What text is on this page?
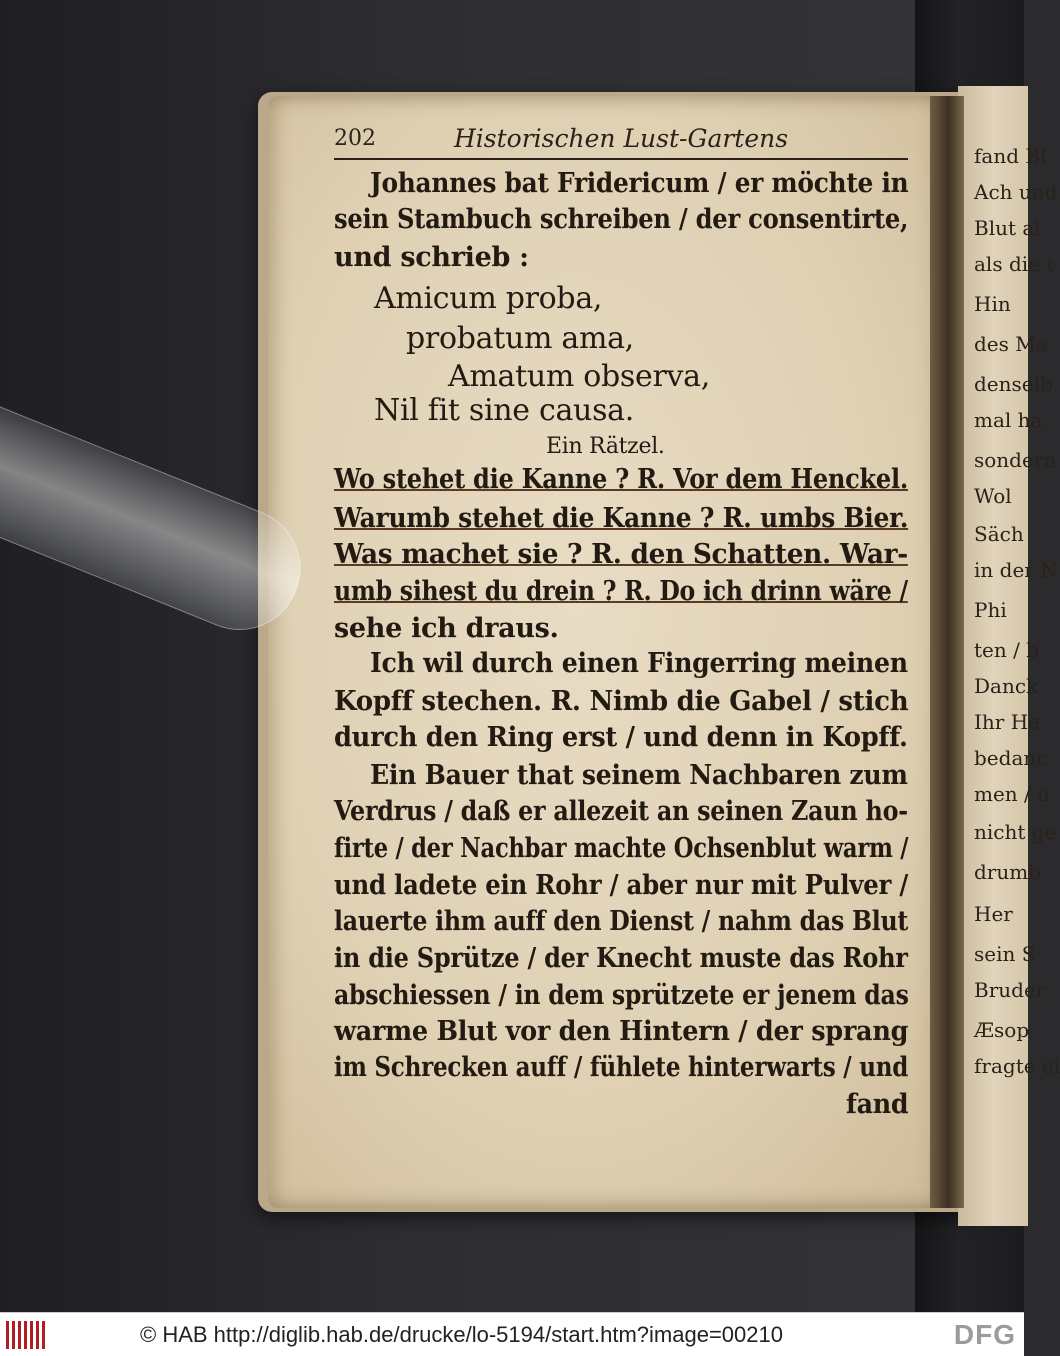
fand Bl
Ach und
Blut al
als die t
Hin
des Ma
denselb
mal ha
sondern
Wol
Säch
in der N
Phi
ten / b
Danck
Ihr He
bedanc
men / u
nicht ge
drumb
Her
sein S
Bruder
Æsop
fragte ei
202	Historischen Lust-Gartens
Johannes bat Fridericum / er möchte in
sein Stambuch schreiben / der consentirte,
und schrieb :
Amicum proba,
probatum ama,
Amatum observa,
Nil fit sine causa.
Ein Rätzel.
Wo stehet die Kanne ? R. Vor dem Henckel.
Warumb stehet die Kanne ? R. umbs Bier.
Was machet sie ? R. den Schatten. War-
umb sihest du drein ? R. Do ich drinn wäre /
sehe ich draus.
Ich wil durch einen Fingerring meinen
Kopff stechen. R. Nimb die Gabel / stich
durch den Ring erst / und denn in Kopff.
Ein Bauer that seinem Nachbaren zum
Verdrus / daß er allezeit an seinen Zaun ho-
firte / der Nachbar machte Ochsenblut warm /
und ladete ein Rohr / aber nur mit Pulver /
lauerte ihm auff den Dienst / nahm das Blut
in die Sprütze / der Knecht muste das Rohr
abschiessen / in dem sprützete er jenem das
warme Blut vor den Hintern / der sprang
im Schrecken auff / fühlete hinterwarts / und
fand
© HAB http://diglib.hab.de/drucke/lo-5194/start.htm?image=00210	DFG
